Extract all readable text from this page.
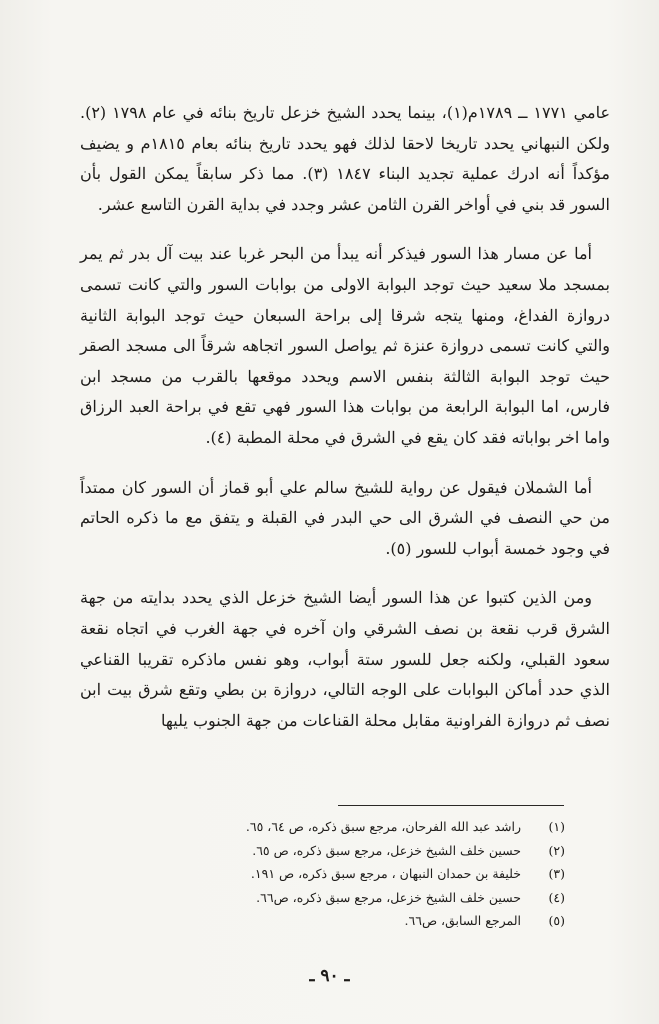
عامي ١٧٧١ ــ ١٧٨٩م(١)، بينما يحدد الشيخ خزعل تاريخ بنائه في عام ١٧٩٨ (٢). ولكن النبهاني يحدد تاريخا لاحقا لذلك فهو يحدد تاريخ بنائه بعام ١٨١٥م و يضيف مؤكداً أنه ادرك عملية تجديد البناء ١٨٤٧ (٣). مما ذكر سابقاً يمكن القول بأن السور قد بني في أواخر القرن الثامن عشر وجدد في بداية القرن التاسع عشر.

أما عن مسار هذا السور فيذكر أنه يبدأ من البحر غربا عند بيت آل بدر ثم يمر بمسجد ملا سعيد حيث توجد البوابة الاولى من بوابات السور والتي كانت تسمى دروازة الفداغ، ومنها يتجه شرقا إلى براحة السبعان حيث توجد البوابة الثانية والتي كانت تسمى دروازة عنزة ثم يواصل السور اتجاهه شرقاً الى مسجد الصقر حيث توجد البوابة الثالثة بنفس الاسم ويحدد موقعها بالقرب من مسجد ابن فارس، اما البوابة الرابعة من بوابات هذا السور فهي تقع في براحة العبد الرزاق واما اخر بواباته فقد كان يقع في الشرق في محلة المطبة (٤).

أما الشملان فيقول عن رواية للشيخ سالم علي أبو قماز أن السور كان ممتداً من حي النصف في الشرق الى حي البدر في القبلة و يتفق مع ما ذكره الحاتم في وجود خمسة أبواب للسور (٥).

ومن الذين كتبوا عن هذا السور أيضا الشيخ خزعل الذي يحدد بدايته من جهة الشرق قرب نقعة بن نصف الشرقي وان آخره في جهة الغرب في اتجاه نقعة سعود القبلي، ولكنه جعل للسور ستة أبواب، وهو نفس ماذكره تقريبا القناعي الذي حدد أماكن البوابات على الوجه التالي، دروازة بن بطي وتقع شرق بيت ابن نصف ثم دروازة الفراونية مقابل محلة القناعات من جهة الجنوب يليها

(١)
راشد عبد الله الفرحان، مرجع سبق ذكره، ص ٦٤، ٦٥.
(٢)
حسين خلف الشيخ خزعل، مرجع سبق ذكره، ص ٦٥.
(٣)
خليفة بن حمدان النبهان ، مرجع سبق ذكره، ص ١٩١.
(٤)
حسين خلف الشيخ خزعل، مرجع سبق ذكره، ص٦٦.
(٥)
المرجع السابق، ص٦٦.
ـ ٩٠ ـ
